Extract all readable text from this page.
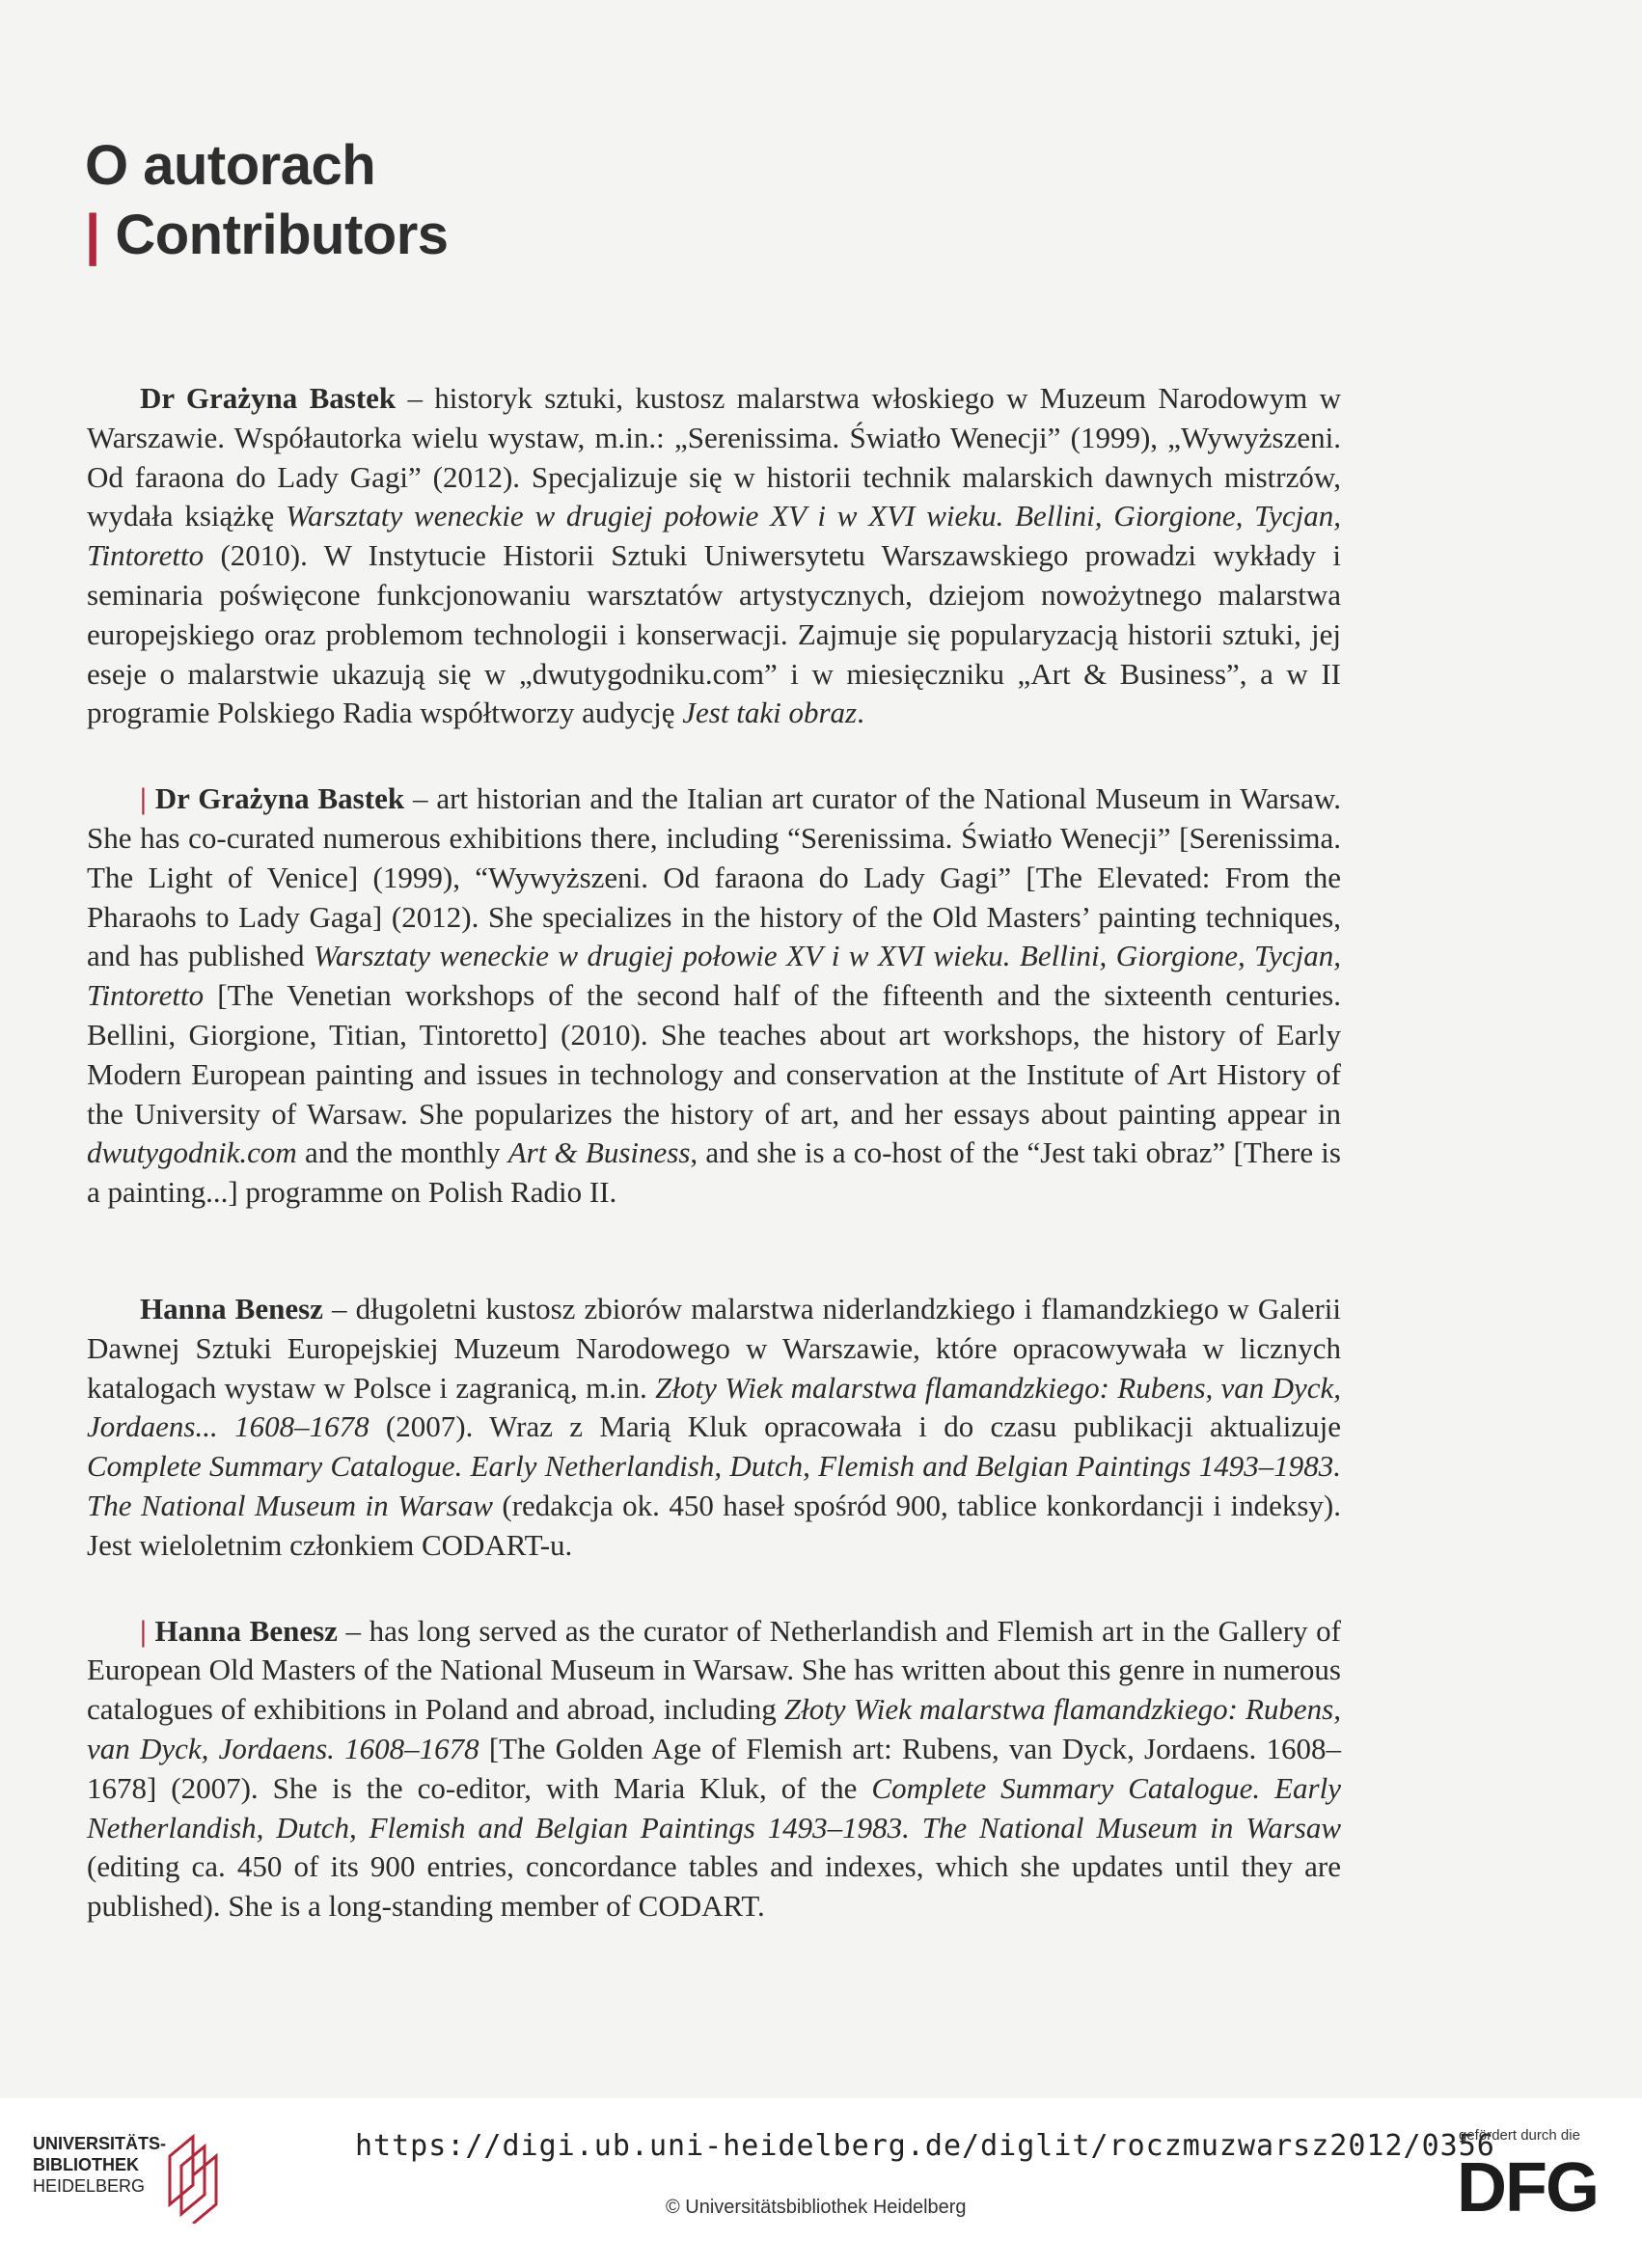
O autorach
| Contributors

Dr Grażyna Bastek – historyk sztuki, kustosz malarstwa włoskiego w Muzeum Narodowym w Warszawie. Współautorka wielu wystaw, m.in.: „Serenissima. Światło Wenecji” (1999), „Wywyższeni. Od faraona do Lady Gagi” (2012). Specjalizuje się w historii technik malarskich dawnych mistrzów, wydała książkę Warsztaty weneckie w drugiej połowie XV i w XVI wieku. Bellini, Giorgione, Tycjan, Tintoretto (2010). W Instytucie Historii Sztuki Uniwersytetu Warszawskiego prowadzi wykłady i seminaria poświęcone funkcjonowaniu warsztatów artystycznych, dziejom nowożytnego malarstwa europejskiego oraz problemom technologii i konserwacji. Zajmuje się popularyzacją historii sztuki, jej eseje o malarstwie ukazują się w „dwutygodniku.com” i w miesięczniku „Art & Business”, a w II programie Polskiego Radia współtworzy audycję Jest taki obraz.

| Dr Grażyna Bastek – art historian and the Italian art curator of the National Museum in Warsaw. She has co-curated numerous exhibitions there, including “Serenissima. Światło Wenecji” [Serenissima. The Light of Venice] (1999), “Wywyższeni. Od faraona do Lady Gagi” [The Elevated: From the Pharaohs to Lady Gaga] (2012). She specializes in the history of the Old Masters’ painting techniques, and has published Warsztaty weneckie w drugiej połowie XV i w XVI wieku. Bellini, Giorgione, Tycjan, Tintoretto [The Venetian workshops of the second half of the fifteenth and the sixteenth centuries. Bellini, Giorgione, Titian, Tintoretto] (2010). She teaches about art workshops, the history of Early Modern European painting and issues in technology and conservation at the Institute of Art History of the University of Warsaw. She popularizes the history of art, and her essays about painting appear in dwutygodnik.com and the monthly Art & Business, and she is a co-host of the “Jest taki obraz” [There is a painting...] programme on Polish Radio II.

Hanna Benesz – długoletni kustosz zbiorów malarstwa niderlandzkiego i flamandzkiego w Galerii Dawnej Sztuki Europejskiej Muzeum Narodowego w Warszawie, które opracowywała w licznych katalogach wystaw w Polsce i zagranicą, m.in. Złoty Wiek malarstwa flamandzkiego: Rubens, van Dyck, Jordaens... 1608–1678 (2007). Wraz z Marią Kluk opracowała i do czasu publikacji aktualizuje Complete Summary Catalogue. Early Netherlandish, Dutch, Flemish and Belgian Paintings 1493–1983. The National Museum in Warsaw (redakcja ok. 450 haseł spośród 900, tablice konkordancji i indeksy). Jest wieloletnim członkiem CODART-u.

| Hanna Benesz – has long served as the curator of Netherlandish and Flemish art in the Gallery of European Old Masters of the National Museum in Warsaw. She has written about this genre in numerous catalogues of exhibitions in Poland and abroad, including Złoty Wiek malarstwa flamandzkiego: Rubens, van Dyck, Jordaens. 1608–1678 [The Golden Age of Flemish art: Rubens, van Dyck, Jordaens. 1608–1678] (2007). She is the co-editor, with Maria Kluk, of the Complete Summary Catalogue. Early Netherlandish, Dutch, Flemish and Belgian Paintings 1493–1983. The National Museum in Warsaw (editing ca. 450 of its 900 entries, concordance tables and indexes, which she updates until they are published). She is a long-standing member of CODART.

UNIVERSITÄTS-
BIBLIOTHEK
HEIDELBERG
https://digi.ub.uni-heidelberg.de/diglit/roczmuzwarsz2012/0356
© Universitätsbibliothek Heidelberg
gefördert durch die
DFG
